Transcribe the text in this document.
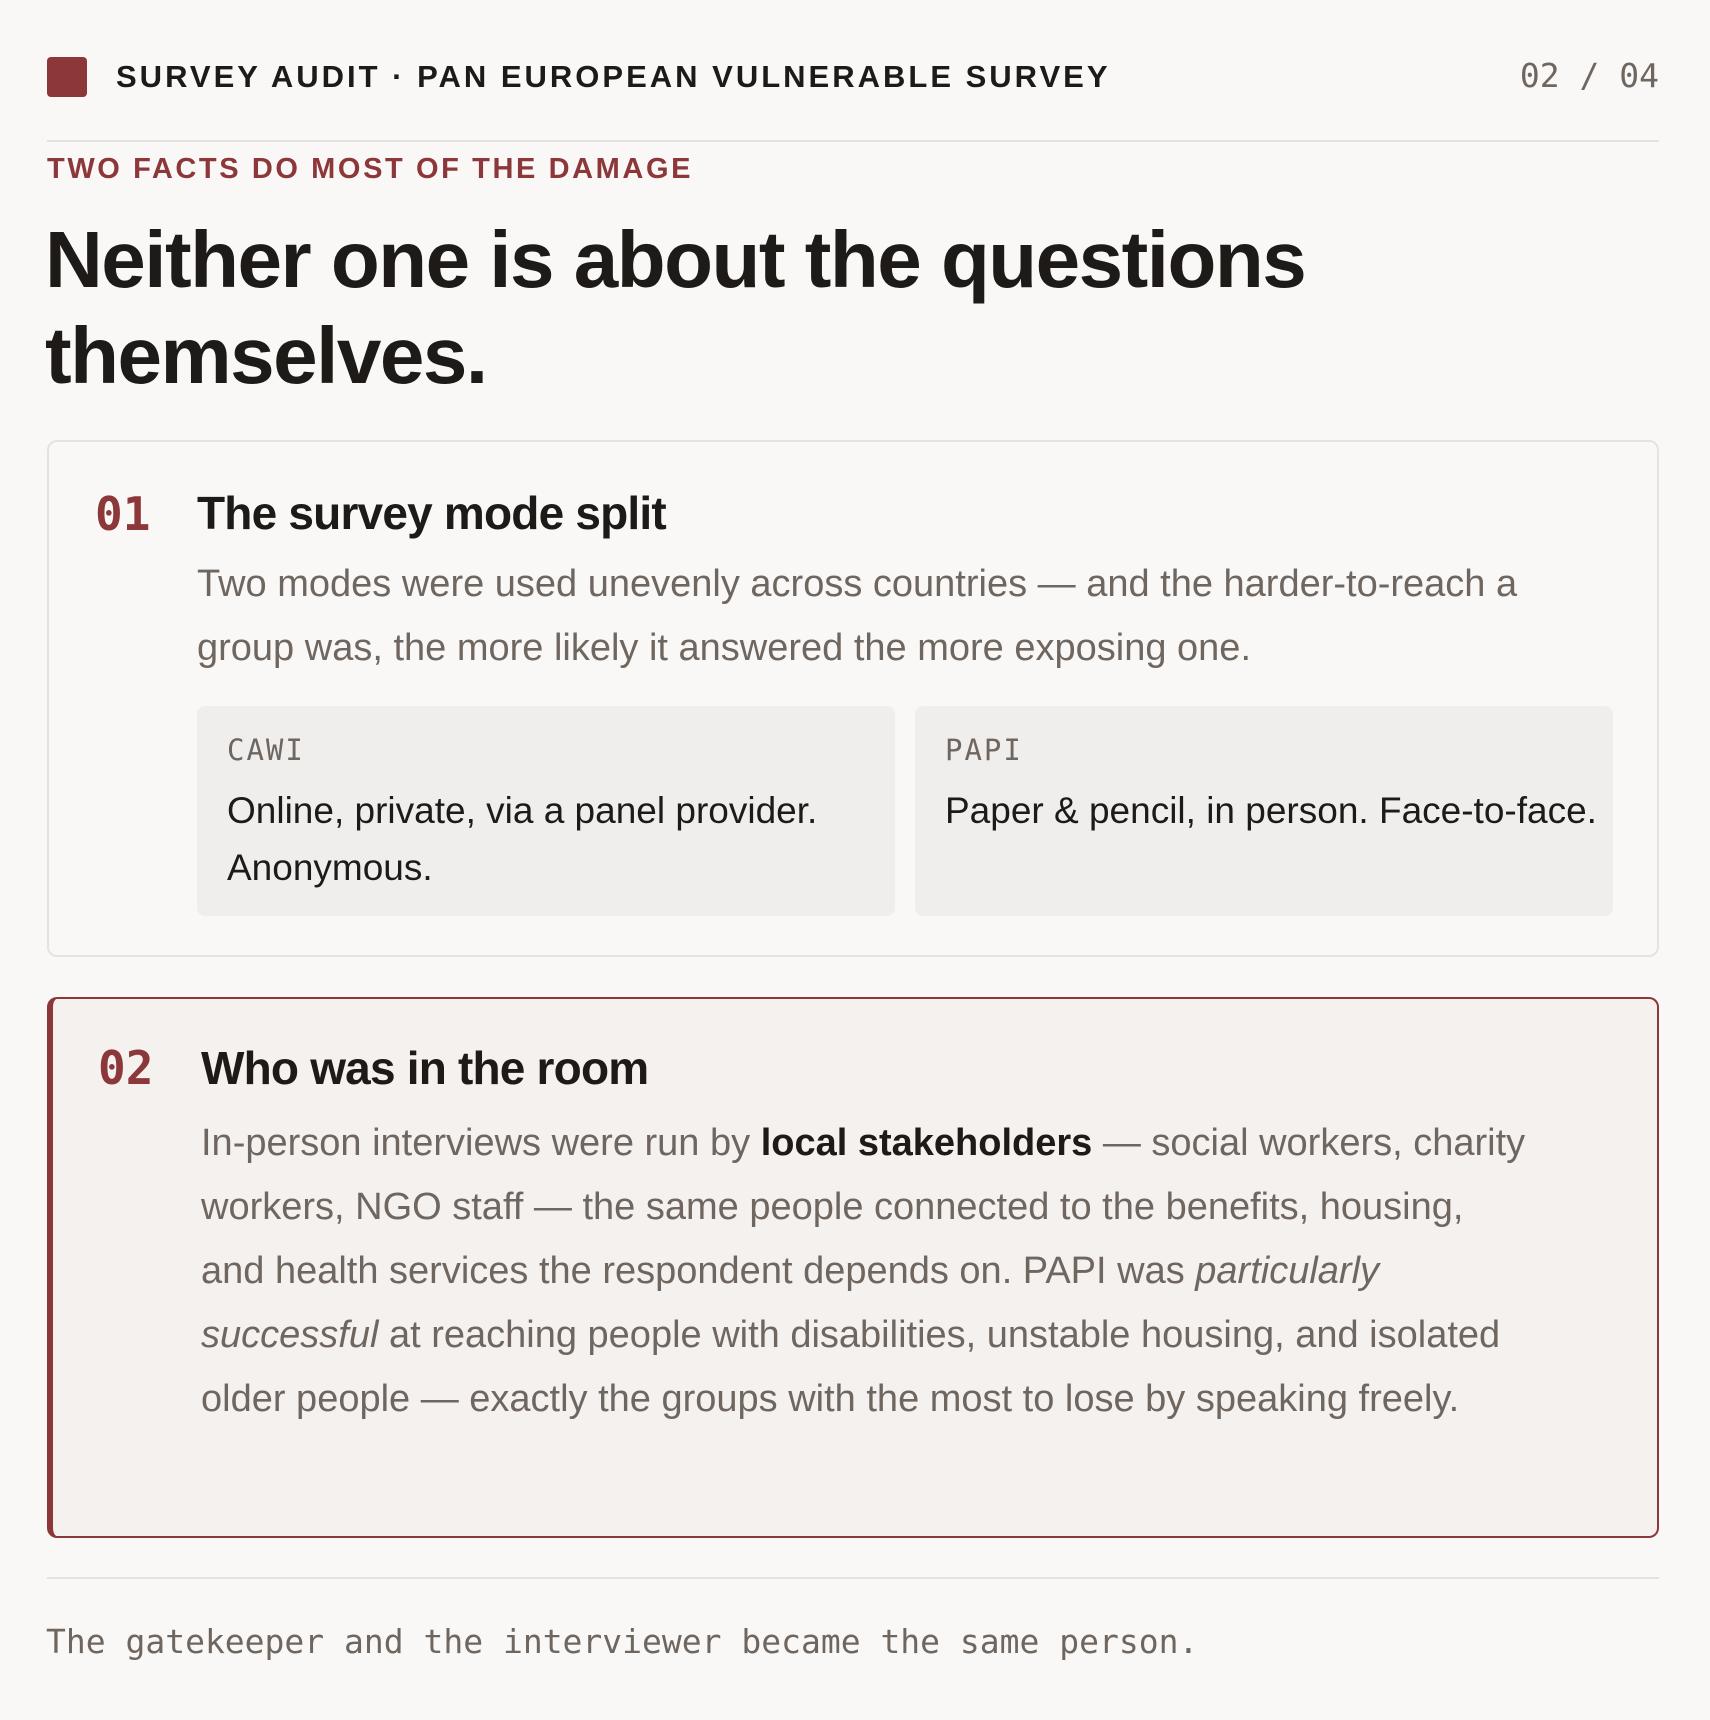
SURVEY AUDIT · PAN EUROPEAN VULNERABLE SURVEY	02 / 04
TWO FACTS DO MOST OF THE DAMAGE
Neither one is about the questions themselves.
01 The survey mode split

Two modes were used unevenly across countries — and the harder-to-reach a group was, the more likely it answered the more exposing one.

CAWI
Online, private, via a panel provider. Anonymous.
PAPI
Paper & pencil, in person. Face-to-face.
02 Who was in the room

In-person interviews were run by local stakeholders — social workers, charity workers, NGO staff — the same people connected to the benefits, housing, and health services the respondent depends on. PAPI was particularly successful at reaching people with disabilities, unstable housing, and isolated older people — exactly the groups with the most to lose by speaking freely.

The gatekeeper and the interviewer became the same person.
